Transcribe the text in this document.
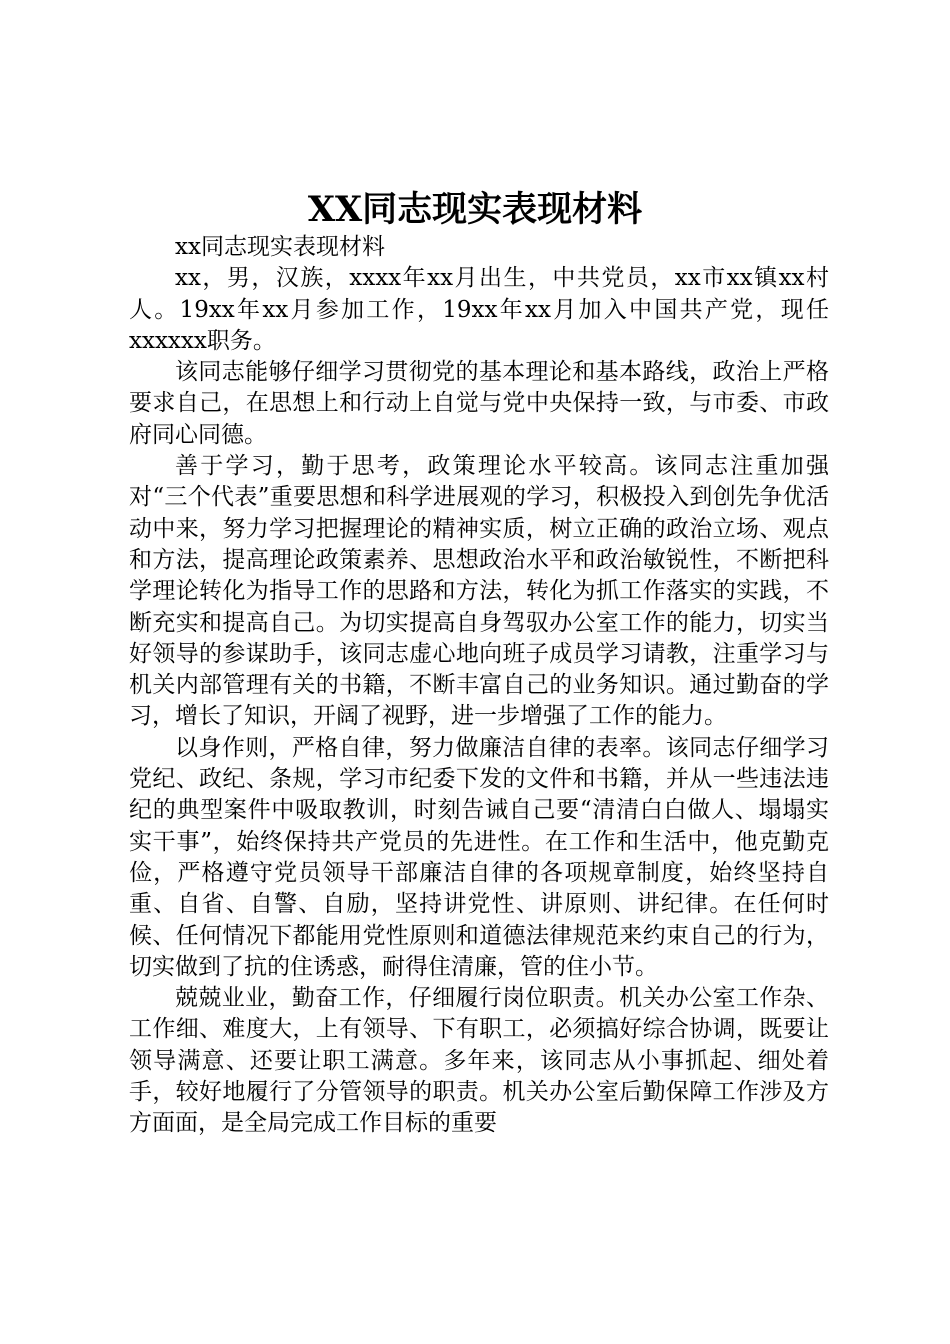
XX同志现实表现材料

xx同志现实表现材料

xx，男，汉族，xxxx年xx月出生，中共党员，xx市xx镇xx村人。19xx年xx月参加工作，19xx年xx月加入中国共产党，现任xxxxxx职务。

该同志能够仔细学习贯彻党的基本理论和基本路线，政治上严格要求自己，在思想上和行动上自觉与党中央保持一致，与市委、市政府同心同德。

善于学习，勤于思考，政策理论水平较高。该同志注重加强对“三个代表”重要思想和科学进展观的学习，积极投入到创先争优活动中来，努力学习把握理论的精神实质，树立正确的政治立场、观点和方法，提高理论政策素养、思想政治水平和政治敏锐性，不断把科学理论转化为指导工作的思路和方法，转化为抓工作落实的实践，不断充实和提高自己。为切实提高自身驾驭办公室工作的能力，切实当好领导的参谋助手，该同志虚心地向班子成员学习请教，注重学习与机关内部管理有关的书籍，不断丰富自己的业务知识。通过勤奋的学习，增长了知识，开阔了视野，进一步增强了工作的能力。

以身作则，严格自律，努力做廉洁自律的表率。该同志仔细学习党纪、政纪、条规，学习市纪委下发的文件和书籍，并从一些违法违纪的典型案件中吸取教训，时刻告诫自己要“清清白白做人、塌塌实实干事”，始终保持共产党员的先进性。在工作和生活中，他克勤克俭，严格遵守党员领导干部廉洁自律的各项规章制度，始终坚持自重、自省、自警、自励，坚持讲党性、讲原则、讲纪律。在任何时候、任何情况下都能用党性原则和道德法律规范来约束自己的行为，切实做到了抗的住诱惑，耐得住清廉，管的住小节。

兢兢业业，勤奋工作，仔细履行岗位职责。机关办公室工作杂、工作细、难度大，上有领导、下有职工，必须搞好综合协调，既要让领导满意、还要让职工满意。多年来，该同志从小事抓起、细处着手，较好地履行了分管领导的职责。机关办公室后勤保障工作涉及方方面面，是全局完成工作目标的重要
